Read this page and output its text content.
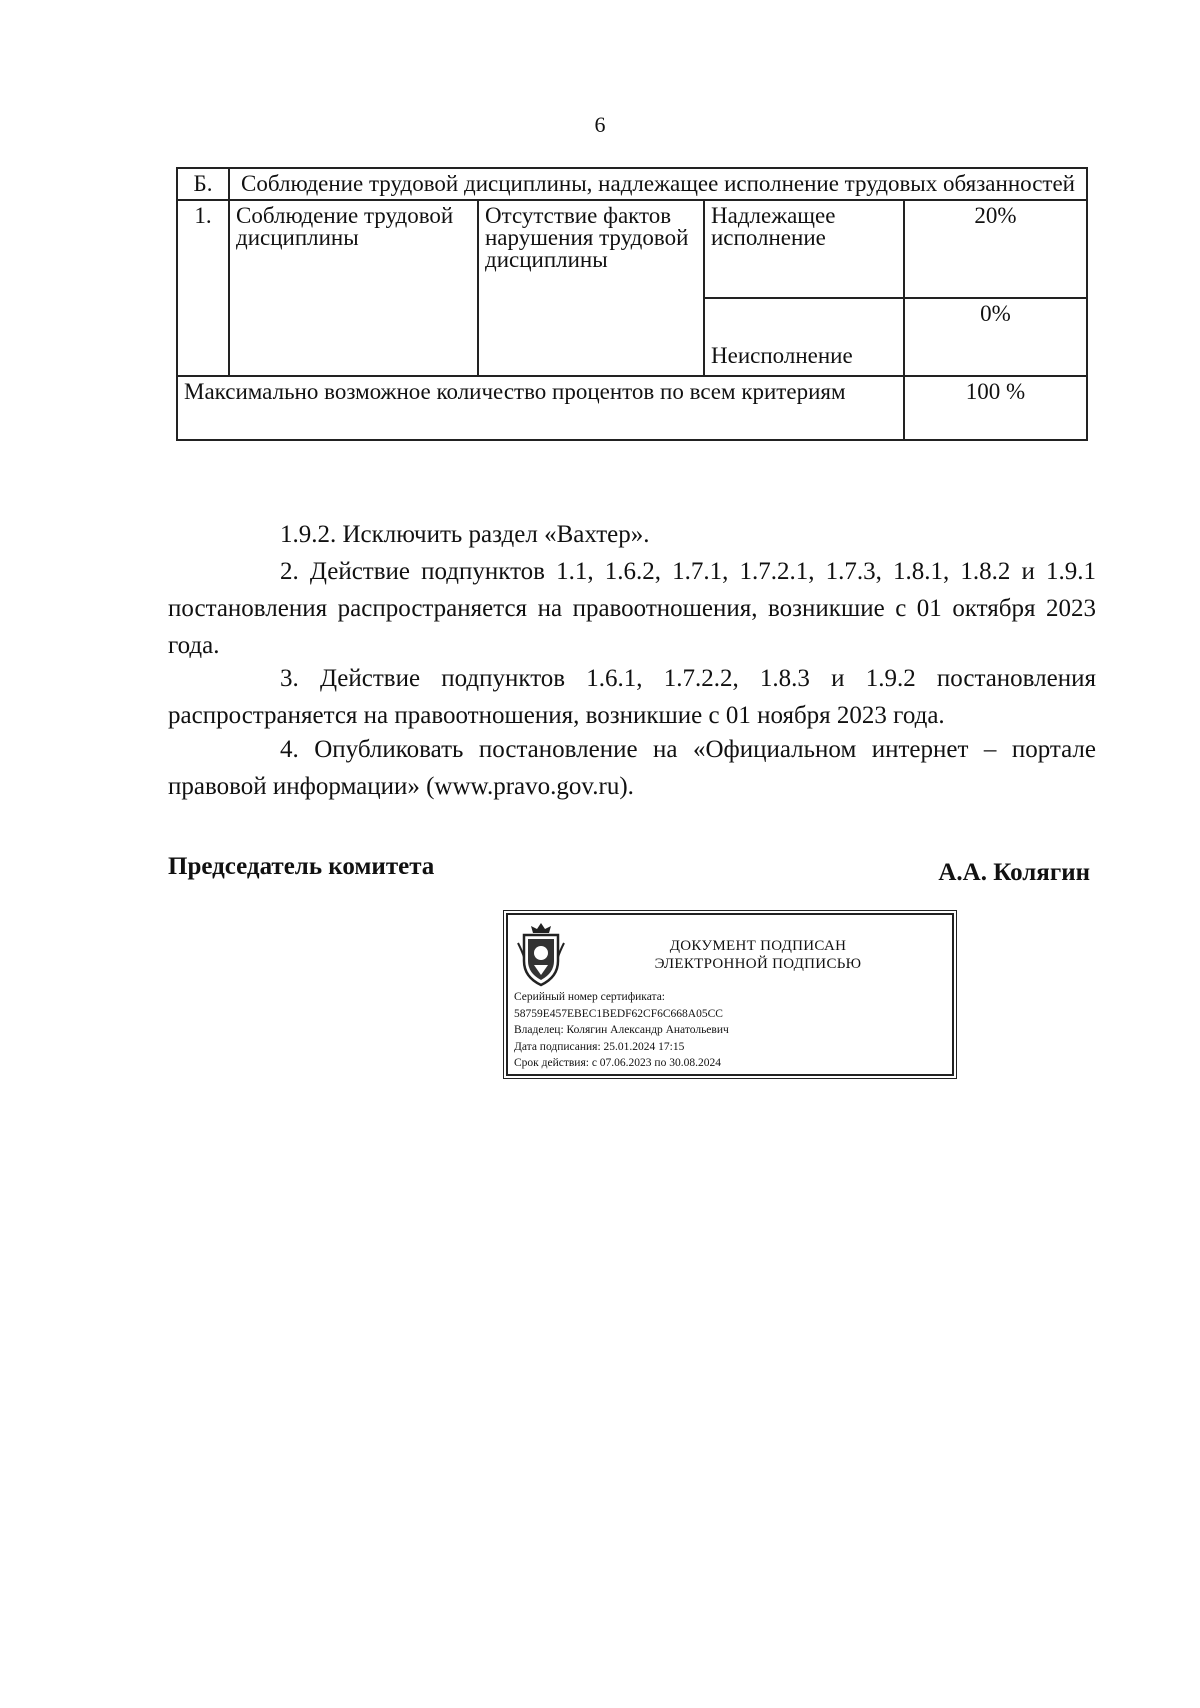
6
Б.	Соблюдение трудовой дисциплины, надлежащее исполнение трудовых обязанностей			
1.	Соблюдение трудовой дисциплины	Отсутствие фактов нарушения трудовой дисциплины	Надлежащее исполнение	20%
			Неисполнение	0%
Максимально возможное количество процентов по всем критериям				100 %

1.9.2. Исключить раздел «Вахтер».

2. Действие подпунктов 1.1, 1.6.2, 1.7.1, 1.7.2.1, 1.7.3, 1.8.1, 1.8.2 и 1.9.1 постановления распространяется на правоотношения, возникшие с 01 октября 2023 года.

3. Действие подпунктов 1.6.1, 1.7.2.2, 1.8.3 и 1.9.2 постановления распространяется на правоотношения, возникшие с 01 ноября 2023 года.

4. Опубликовать постановление на «Официальном интернет – портале правовой информации» (www.pravo.gov.ru).

Председатель комитета	А.А. Колягин
ДОКУМЕНТ ПОДПИСАН
ЭЛЕКТРОННОЙ ПОДПИСЬЮ
Серийный номер сертификата:
58759E457EBEC1BEDF62CF6C668A05CC
Владелец: Колягин Александр Анатольевич
Дата подписания: 25.01.2024 17:15
Срок действия: с 07.06.2023 по 30.08.2024
